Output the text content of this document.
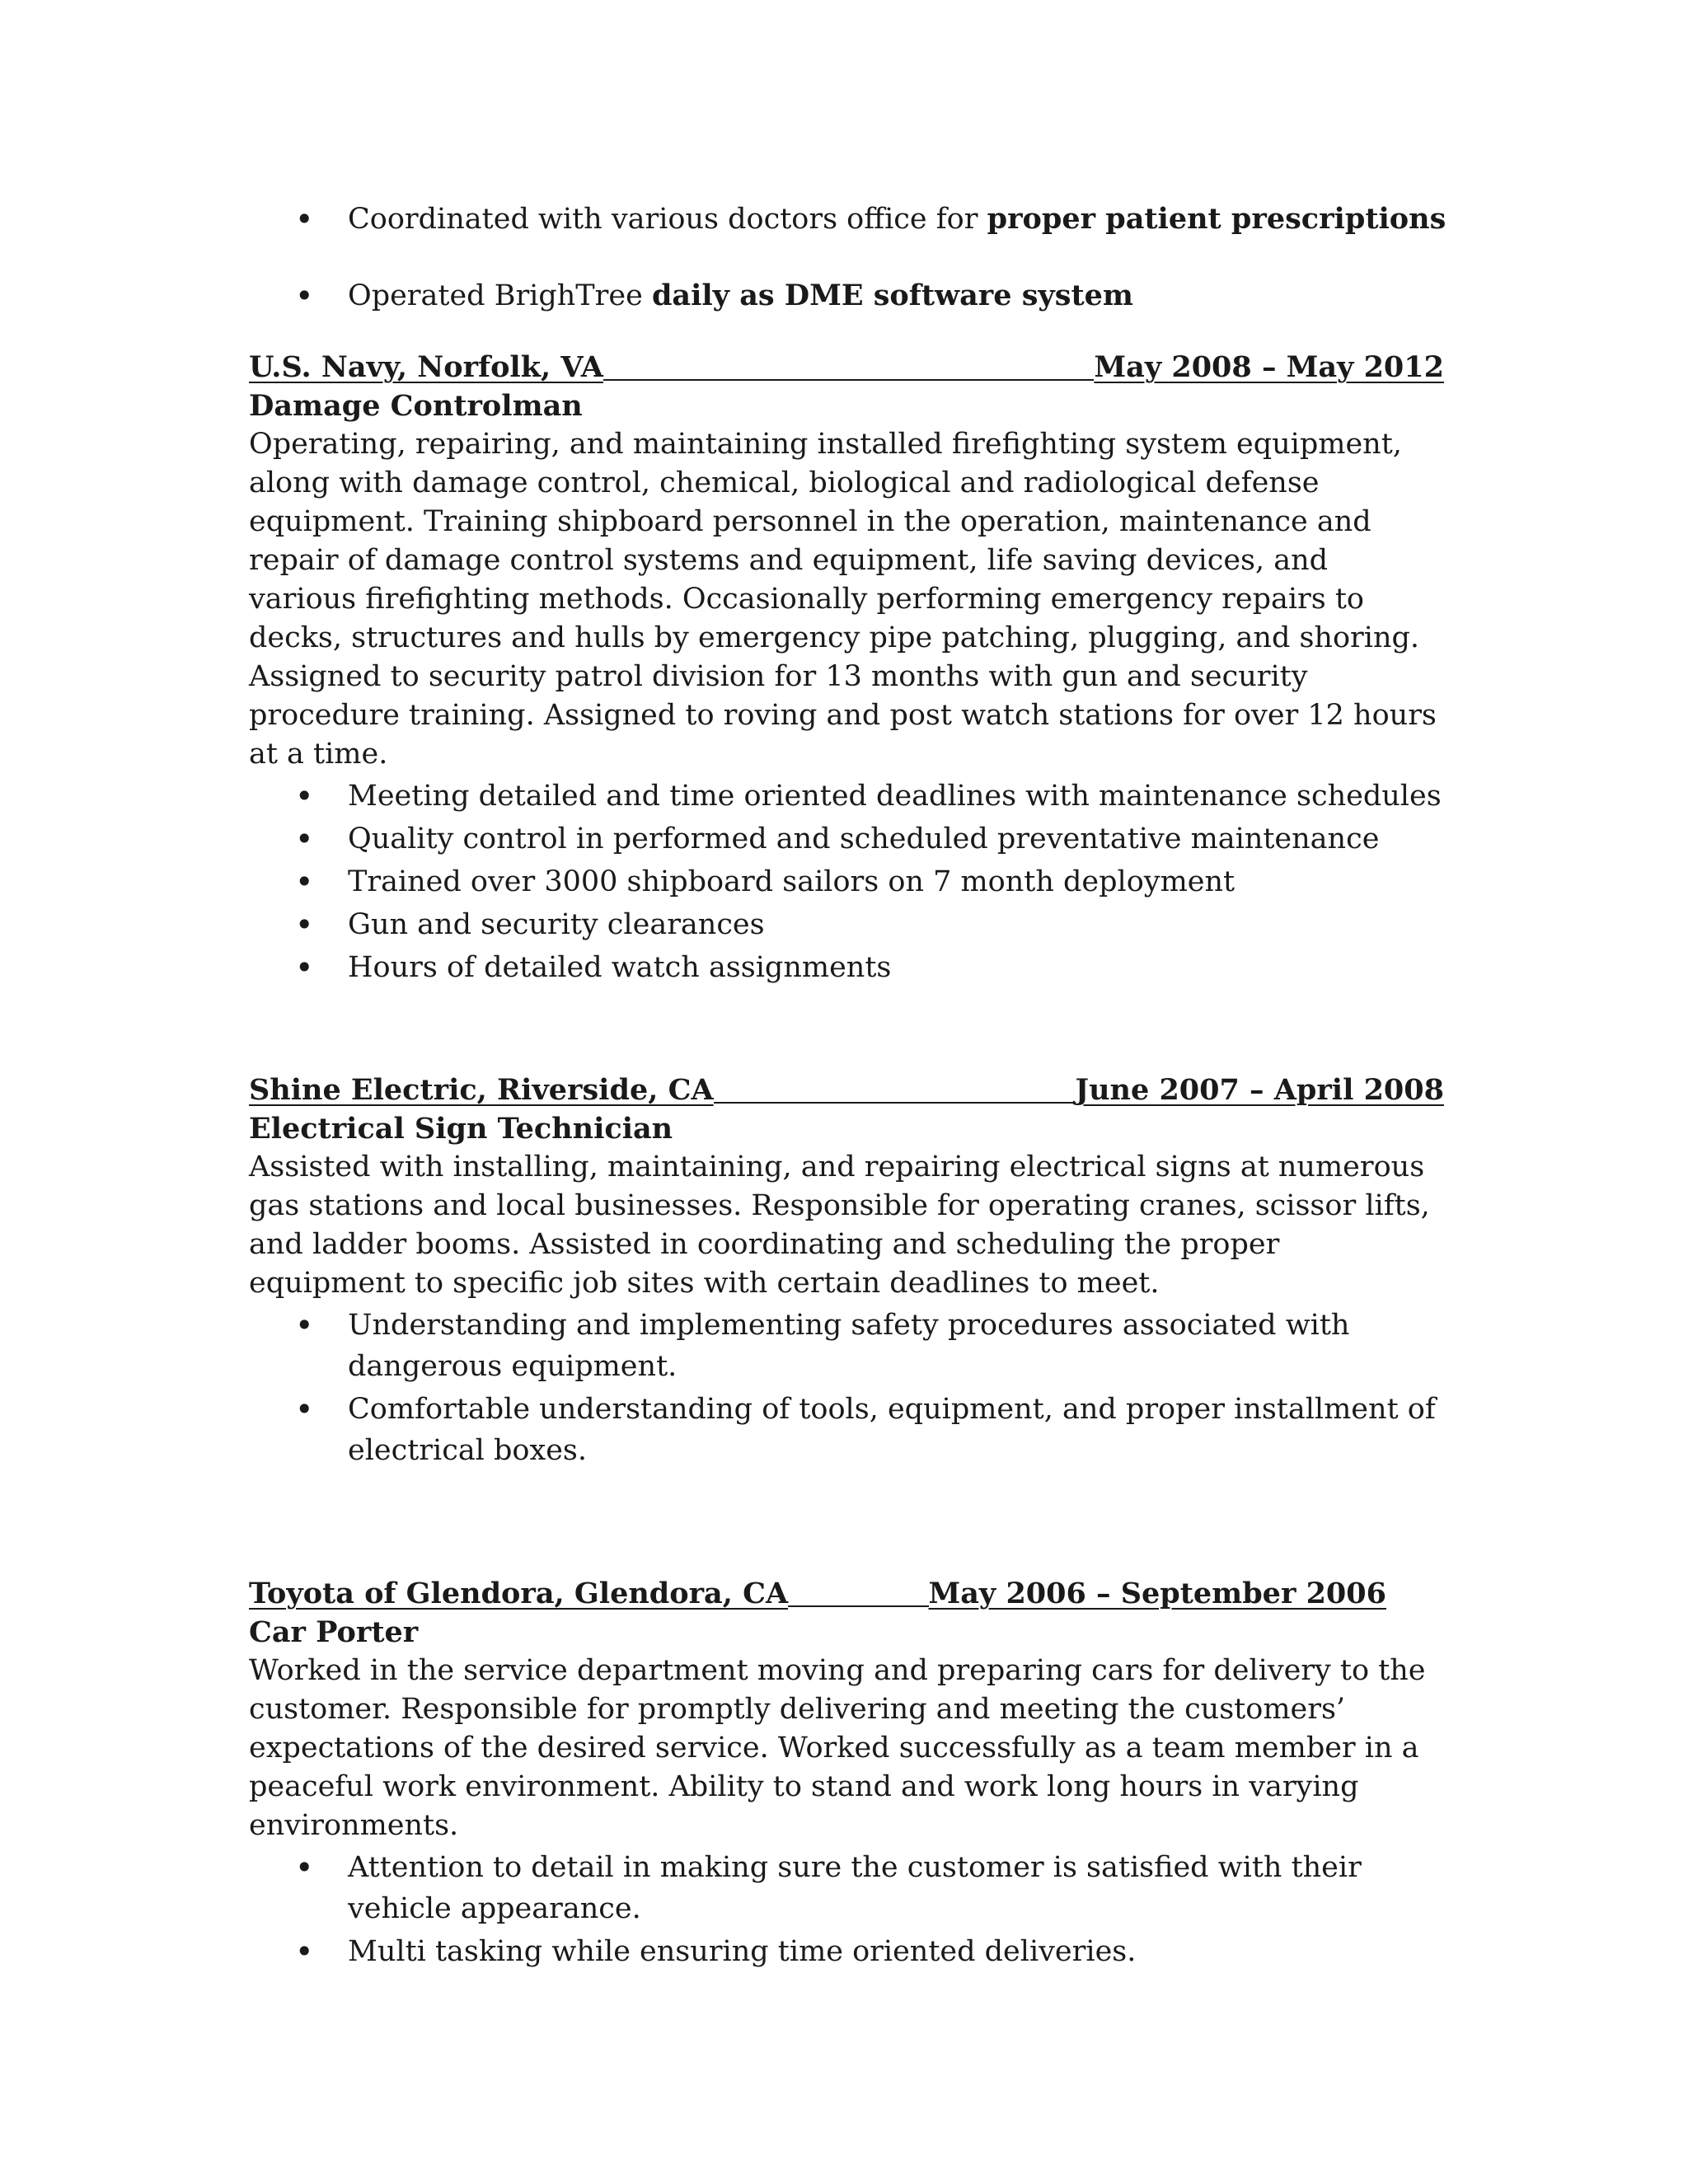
• Coordinated with various doctors office for proper patient prescriptions
• Operated BrighTree daily as DME software system
U.S. Navy, Norfolk, VA	May 2008 – May 2012
Damage Controlman

Operating, repairing, and maintaining installed firefighting system equipment, along with damage control, chemical, biological and radiological defense equipment. Training shipboard personnel in the operation, maintenance and repair of damage control systems and equipment, life saving devices, and various firefighting methods. Occasionally performing emergency repairs to decks, structures and hulls by emergency pipe patching, plugging, and shoring. Assigned to security patrol division for 13 months with gun and security procedure training. Assigned to roving and post watch stations for over 12 hours at a time.

• Meeting detailed and time oriented deadlines with maintenance schedules
• Quality control in performed and scheduled preventative maintenance
• Trained over 3000 shipboard sailors on 7 month deployment
• Gun and security clearances
• Hours of detailed watch assignments
Shine Electric, Riverside, CA	June 2007 – April 2008
Electrical Sign Technician

Assisted with installing, maintaining, and repairing electrical signs at numerous gas stations and local businesses. Responsible for operating cranes, scissor lifts, and ladder booms. Assisted in coordinating and scheduling the proper equipment to specific job sites with certain deadlines to meet.

• Understanding and implementing safety procedures associated with dangerous equipment.
• Comfortable understanding of tools, equipment, and proper installment of electrical boxes.
Toyota of Glendora, Glendora, CA	May 2006 – September 2006
Car Porter

Worked in the service department moving and preparing cars for delivery to the customer. Responsible for promptly delivering and meeting the customers’ expectations of the desired service. Worked successfully as a team member in a peaceful work environment. Ability to stand and work long hours in varying environments.

• Attention to detail in making sure the customer is satisfied with their vehicle appearance.
• Multi tasking while ensuring time oriented deliveries.
